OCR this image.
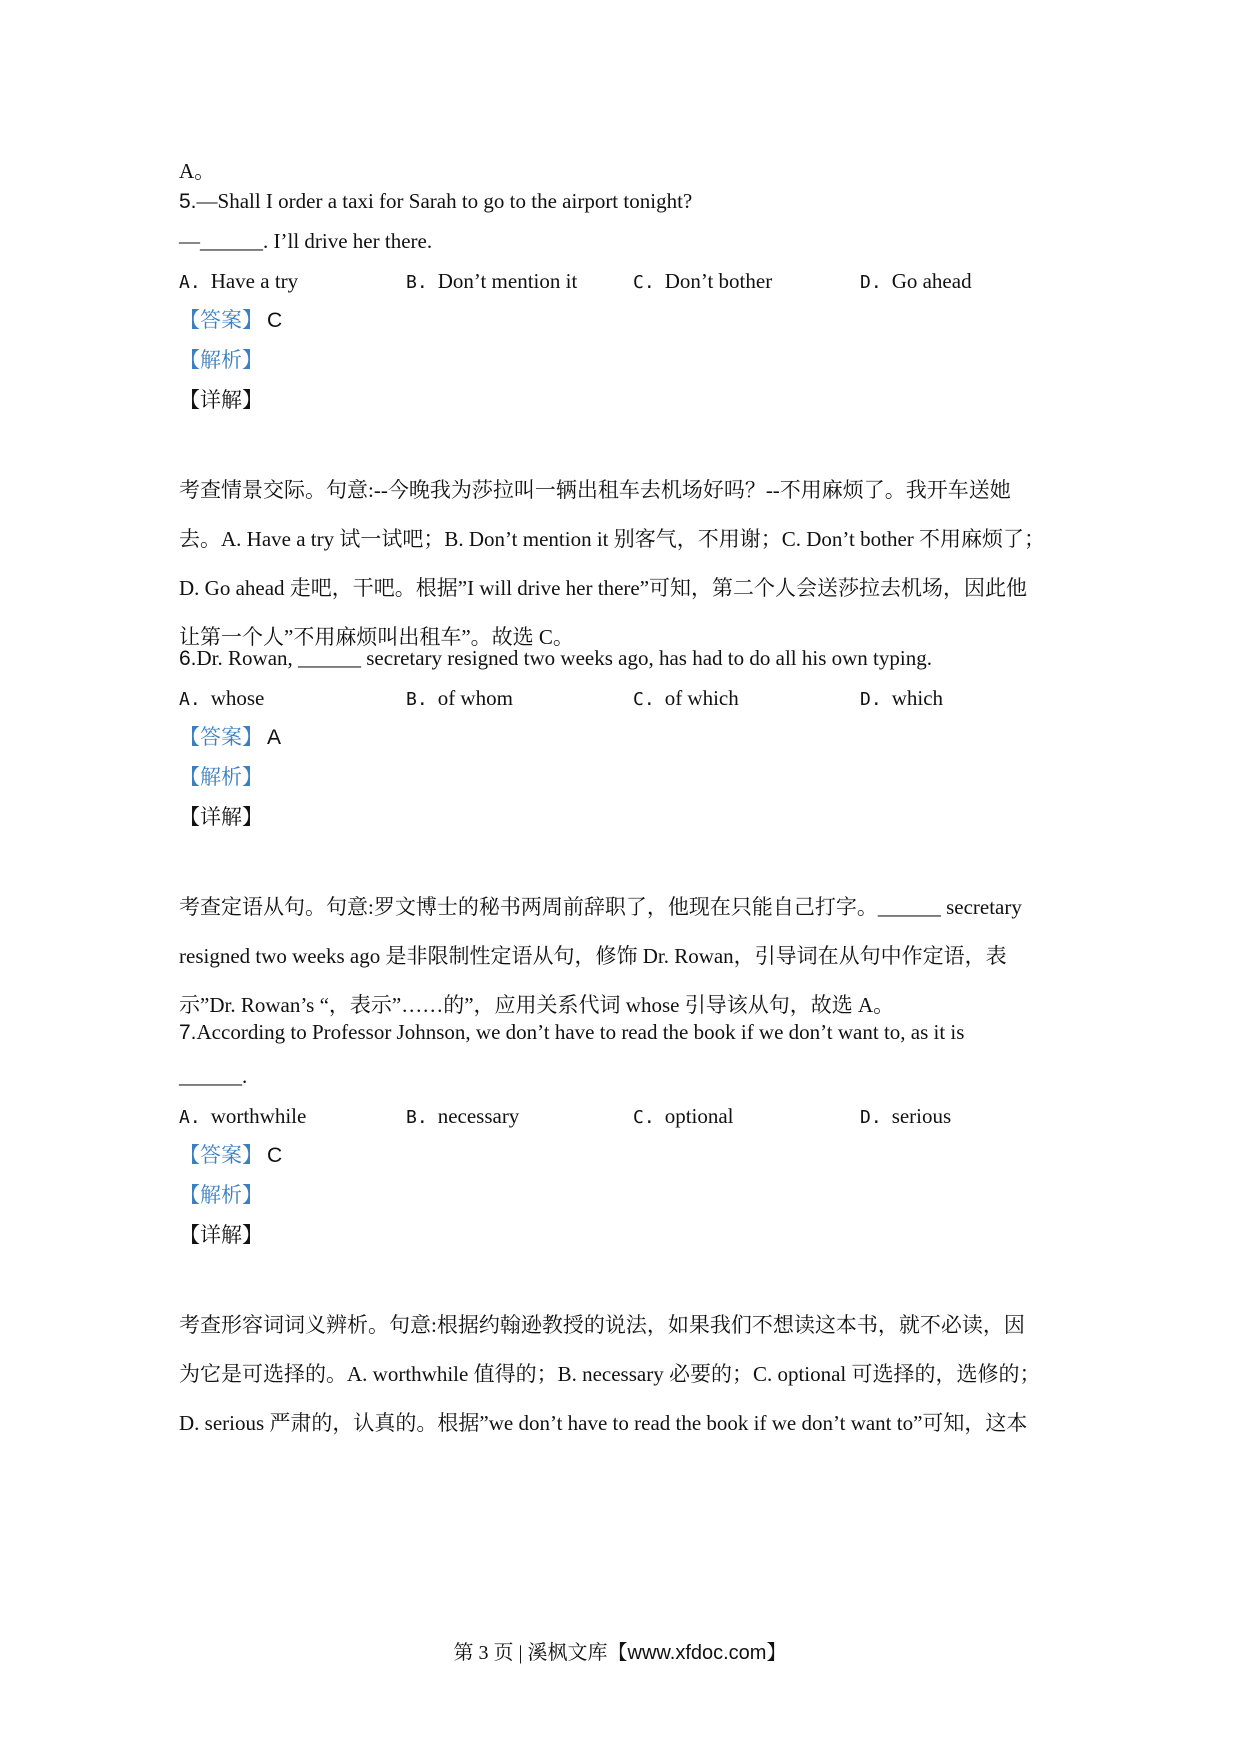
A。
5.—Shall I order a taxi for Sarah to go to the airport tonight?
—______. I’ll drive her there.
A. Have a try	B. Don’t mention it	C. Don’t bother	D. Go ahead
【答案】 C
【解析】
【详解】
考查情景交际。句意:--今晚我为莎拉叫一辆出租车去机场好吗？--不用麻烦了。我开车送她
去。A. Have a try 试一试吧；B. Don’t mention it 别客气，不用谢；C. Don’t bother 不用麻烦了；
D. Go ahead 走吧，干吧。根据”I will drive her there”可知，第二个人会送莎拉去机场，因此他
让第一个人”不用麻烦叫出租车”。故选 C。
6.Dr. Rowan, ______ secretary resigned two weeks ago, has had to do all his own typing.
A. whose	B. of whom	C. of which	D. which
【答案】 A
【解析】
【详解】
考查定语从句。句意:罗文博士的秘书两周前辞职了，他现在只能自己打字。______ secretary
resigned two weeks ago 是非限制性定语从句，修饰 Dr. Rowan，引导词在从句中作定语，表
示”Dr. Rowan’s “，表示”……的”，应用关系代词 whose 引导该从句，故选 A。
7.According to Professor Johnson, we don’t have to read the book if we don’t want to, as it is
______.
A. worthwhile	B. necessary	C. optional	D. serious
【答案】 C
【解析】
【详解】
考查形容词词义辨析。句意:根据约翰逊教授的说法，如果我们不想读这本书，就不必读，因
为它是可选择的。A. worthwhile 值得的；B. necessary 必要的；C. optional 可选择的，选修的；
D. serious 严肃的，认真的。根据”we don’t have to read the book if we don’t want to”可知，这本
第 3 页 | 溪枫文库【www.xfdoc.com】
